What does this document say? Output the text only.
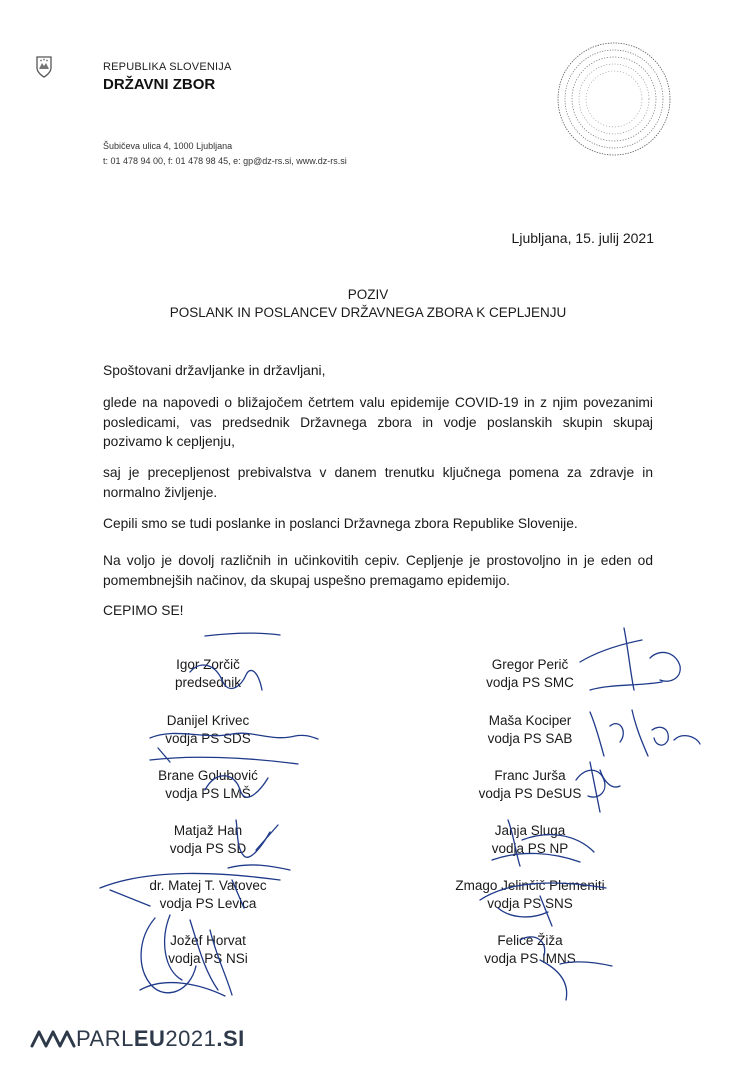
REPUBLIKA SLOVENIJA
DRŽAVNI ZBOR
Šubičeva ulica 4, 1000 Ljubljana
t: 01 478 94 00, f: 01 478 98 45, e: gp@dz-rs.si, www.dz-rs.si
Ljubljana, 15. julij 2021
POZIV
POSLANK IN POSLANCEV DRŽAVNEGA ZBORA K CEPLJENJU
Spoštovani državljanke in državljani,
glede na napovedi o bližajočem četrtem valu epidemije COVID-19 in z njim povezanimi posledicami, vas predsednik Državnega zbora in vodje poslanskih skupin skupaj pozivamo k cepljenju,
saj je precepljenost prebivalstva v danem trenutku ključnega pomena za zdravje in normalno življenje.
Cepili smo se tudi poslanke in poslanci Državnega zbora Republike Slovenije.
Na voljo je dovolj različnih in učinkovitih cepiv. Cepljenje je prostovoljno in je eden od pomembnejših načinov, da skupaj uspešno premagamo epidemijo.
CEPIMO SE!
Igor Zorčič
predsednik
Danijel Krivec
vodja PS SDS
Brane Golubović
vodja PS LMŠ
Matjaž Han
vodja PS SD
dr. Matej T. Vatovec
vodja PS Levica
Jožef Horvat
vodja PS NSi
Gregor Perič
vodja PS SMC
Maša Kociper
vodja PS SAB
Franc Jurša
vodja PS DeSUS
Janja Sluga
vodja PS NP
Zmago Jelinčič Plemeniti
vodja PS SNS
Felice Žiža
vodja PS IMNS
PARLEU2021.SI
